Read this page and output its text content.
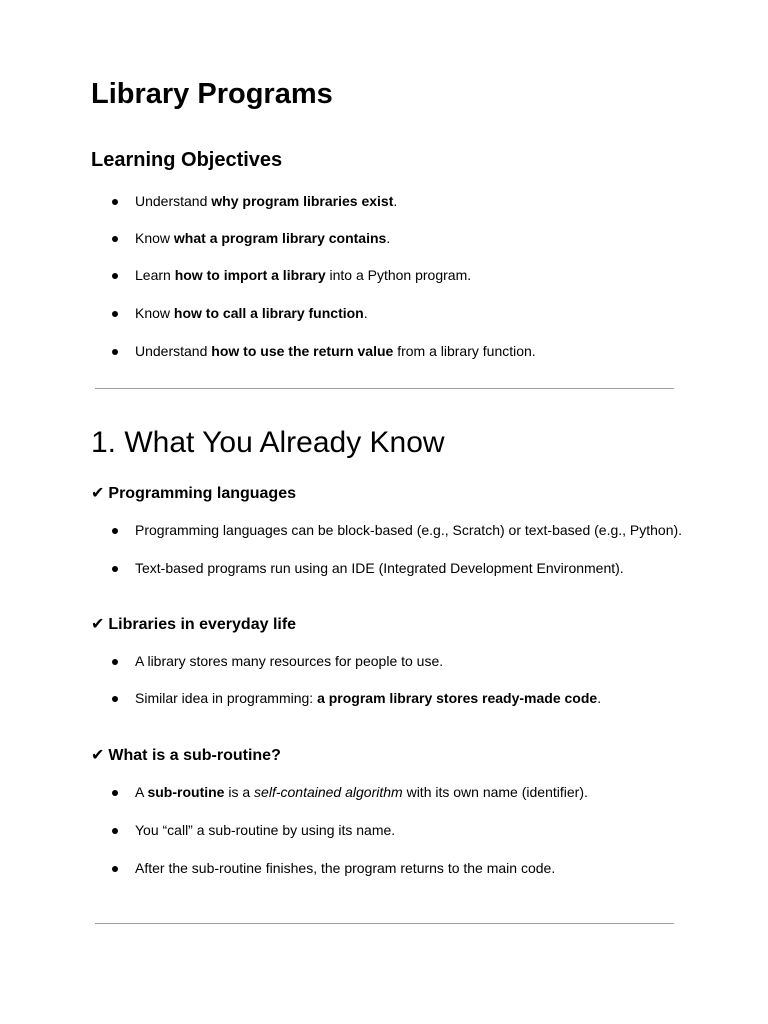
Library Programs
Learning Objectives
Understand why program libraries exist.
Know what a program library contains.
Learn how to import a library into a Python program.
Know how to call a library function.
Understand how to use the return value from a library function.
1. What You Already Know
✔ Programming languages
Programming languages can be block-based (e.g., Scratch) or text-based (e.g., Python).
Text-based programs run using an IDE (Integrated Development Environment).
✔ Libraries in everyday life
A library stores many resources for people to use.
Similar idea in programming: a program library stores ready-made code.
✔ What is a sub-routine?
A sub-routine is a self-contained algorithm with its own name (identifier).
You “call” a sub-routine by using its name.
After the sub-routine finishes, the program returns to the main code.
